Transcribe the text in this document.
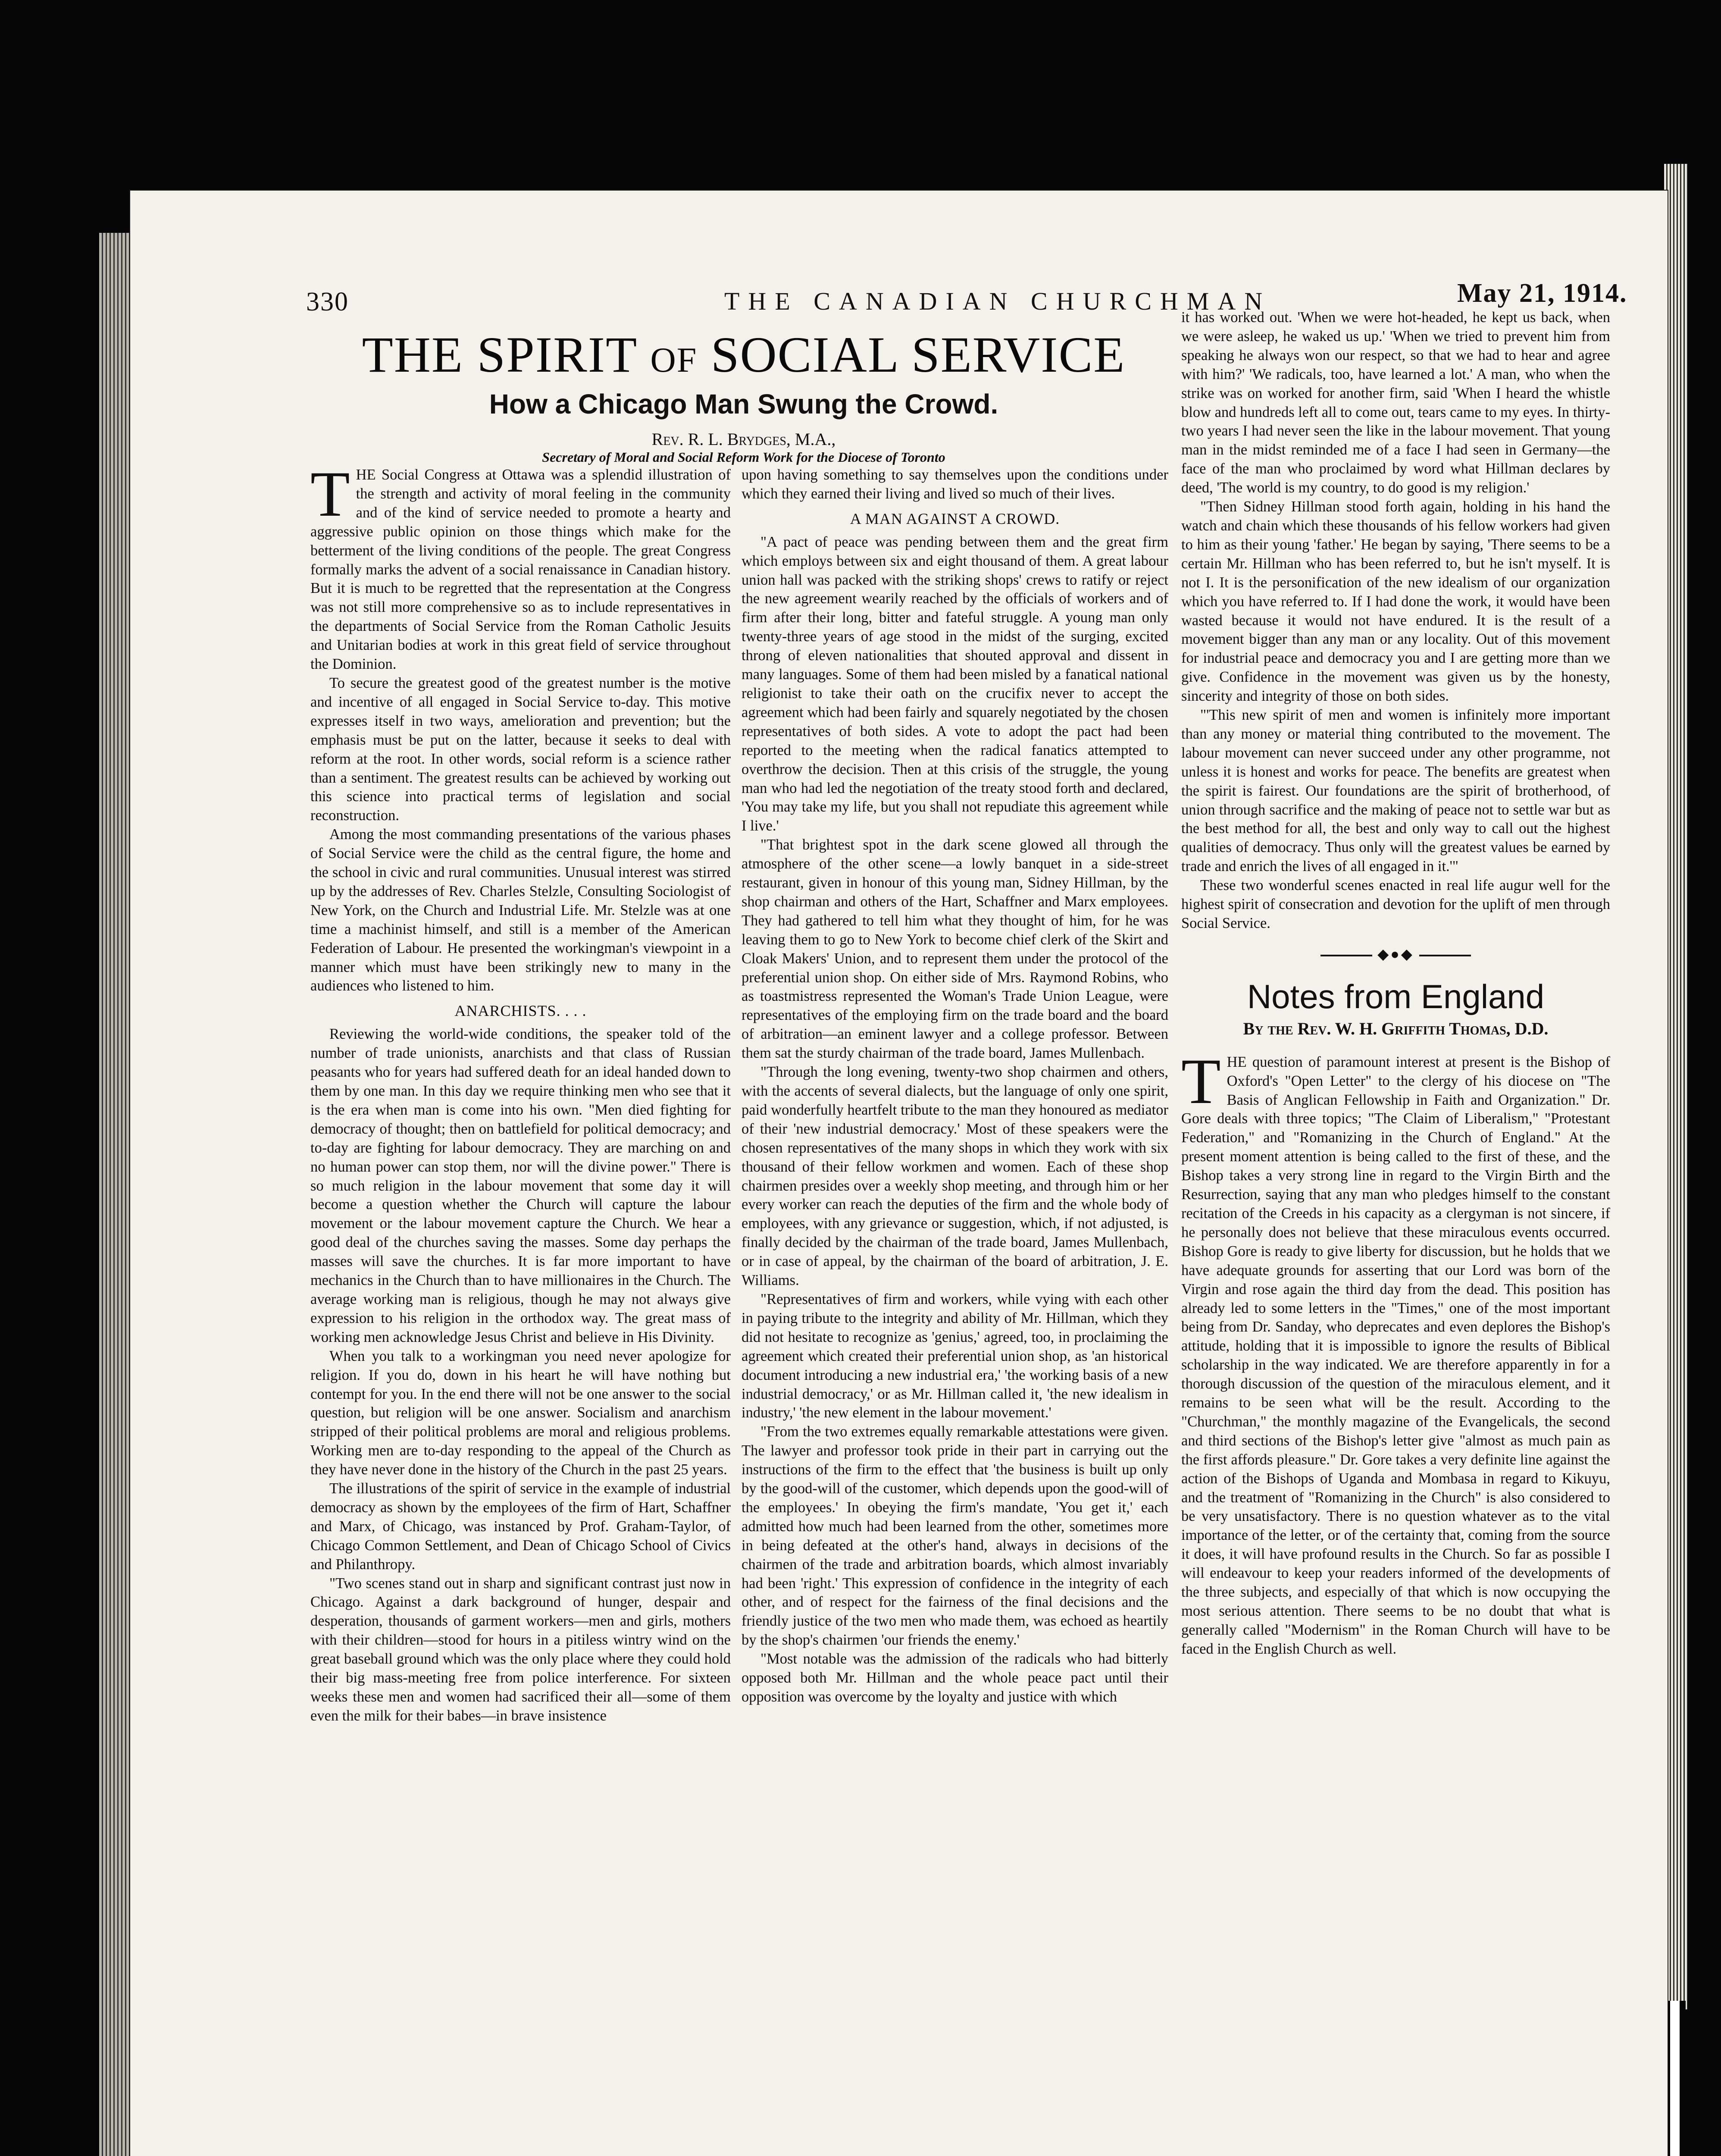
330	THE CANADIAN CHURCHMAN	May 21, 1914.
THE SPIRIT OF SOCIAL SERVICE
How a Chicago Man Swung the Crowd.
Rev. R. L. Brydges, M.A.,
Secretary of Moral and Social Reform Work for the Diocese of Toronto

THE Social Congress at Ottawa was a splendid illustration of the strength and activity of moral feeling in the community and of the kind of service needed to promote a hearty and aggressive public opinion on those things which make for the betterment of the living conditions of the people. The great Congress formally marks the advent of a social renaissance in Canadian history. But it is much to be regretted that the representation at the Congress was not still more comprehensive so as to include representatives in the departments of Social Service from the Roman Catholic Jesuits and Unitarian bodies at work in this great field of service throughout the Dominion.

To secure the greatest good of the greatest number is the motive and incentive of all engaged in Social Service to-day. This motive expresses itself in two ways, amelioration and prevention; but the emphasis must be put on the latter, because it seeks to deal with reform at the root. In other words, social reform is a science rather than a sentiment. The greatest results can be achieved by working out this science into practical terms of legislation and social reconstruction.

Among the most commanding presentations of the various phases of Social Service were the child as the central figure, the home and the school in civic and rural communities. Unusual interest was stirred up by the addresses of Rev. Charles Stelzle, Consulting Sociologist of New York, on the Church and Industrial Life. Mr. Stelzle was at one time a machinist himself, and still is a member of the American Federation of Labour. He presented the workingman's viewpoint in a manner which must have been strikingly new to many in the audiences who listened to him.

ANARCHISTS. . . .

Reviewing the world-wide conditions, the speaker told of the number of trade unionists, anarchists and that class of Russian peasants who for years had suffered death for an ideal handed down to them by one man. In this day we require thinking men who see that it is the era when man is come into his own. "Men died fighting for democracy of thought; then on battlefield for political democracy; and to-day are fighting for labour democracy. They are marching on and no human power can stop them, nor will the divine power." There is so much religion in the labour movement that some day it will become a question whether the Church will capture the labour movement or the labour movement capture the Church. We hear a good deal of the churches saving the masses. Some day perhaps the masses will save the churches. It is far more important to have mechanics in the Church than to have millionaires in the Church. The average working man is religious, though he may not always give expression to his religion in the orthodox way. The great mass of working men acknowledge Jesus Christ and believe in His Divinity.

When you talk to a workingman you need never apologize for religion. If you do, down in his heart he will have nothing but contempt for you. In the end there will not be one answer to the social question, but religion will be one answer. Socialism and anarchism stripped of their political problems are moral and religious problems. Working men are to-day responding to the appeal of the Church as they have never done in the history of the Church in the past 25 years.

The illustrations of the spirit of service in the example of industrial democracy as shown by the employees of the firm of Hart, Schaffner and Marx, of Chicago, was instanced by Prof. Graham-Taylor, of Chicago Common Settlement, and Dean of Chicago School of Civics and Philanthropy.

"Two scenes stand out in sharp and significant contrast just now in Chicago. Against a dark background of hunger, despair and desperation, thousands of garment workers—men and girls, mothers with their children—stood for hours in a pitiless wintry wind on the great baseball ground which was the only place where they could hold their big mass-meeting free from police interference. For sixteen weeks these men and women had sacrificed their all—some of them even the milk for their babes—in brave insistence

upon having something to say themselves upon the conditions under which they earned their living and lived so much of their lives.

A MAN AGAINST A CROWD.

"A pact of peace was pending between them and the great firm which employs between six and eight thousand of them. A great labour union hall was packed with the striking shops' crews to ratify or reject the new agreement wearily reached by the officials of workers and of firm after their long, bitter and fateful struggle. A young man only twenty-three years of age stood in the midst of the surging, excited throng of eleven nationalities that shouted approval and dissent in many languages. Some of them had been misled by a fanatical national religionist to take their oath on the crucifix never to accept the agreement which had been fairly and squarely negotiated by the chosen representatives of both sides. A vote to adopt the pact had been reported to the meeting when the radical fanatics attempted to overthrow the decision. Then at this crisis of the struggle, the young man who had led the negotiation of the treaty stood forth and declared, 'You may take my life, but you shall not repudiate this agreement while I live.'

"That brightest spot in the dark scene glowed all through the atmosphere of the other scene—a lowly banquet in a side-street restaurant, given in honour of this young man, Sidney Hillman, by the shop chairman and others of the Hart, Schaffner and Marx employees. They had gathered to tell him what they thought of him, for he was leaving them to go to New York to become chief clerk of the Skirt and Cloak Makers' Union, and to represent them under the protocol of the preferential union shop. On either side of Mrs. Raymond Robins, who as toastmistress represented the Woman's Trade Union League, were representatives of the employing firm on the trade board and the board of arbitration—an eminent lawyer and a college professor. Between them sat the sturdy chairman of the trade board, James Mullenbach.

"Through the long evening, twenty-two shop chairmen and others, with the accents of several dialects, but the language of only one spirit, paid wonderfully heartfelt tribute to the man they honoured as mediator of their 'new industrial democracy.' Most of these speakers were the chosen representatives of the many shops in which they work with six thousand of their fellow workmen and women. Each of these shop chairmen presides over a weekly shop meeting, and through him or her every worker can reach the deputies of the firm and the whole body of employees, with any grievance or suggestion, which, if not adjusted, is finally decided by the chairman of the trade board, James Mullenbach, or in case of appeal, by the chairman of the board of arbitration, J. E. Williams.

"Representatives of firm and workers, while vying with each other in paying tribute to the integrity and ability of Mr. Hillman, which they did not hesitate to recognize as 'genius,' agreed, too, in proclaiming the agreement which created their preferential union shop, as 'an historical document introducing a new industrial era,' 'the working basis of a new industrial democracy,' or as Mr. Hillman called it, 'the new idealism in industry,' 'the new element in the labour movement.'

"From the two extremes equally remarkable attestations were given. The lawyer and professor took pride in their part in carrying out the instructions of the firm to the effect that 'the business is built up only by the good-will of the customer, which depends upon the good-will of the employees.' In obeying the firm's mandate, 'You get it,' each admitted how much had been learned from the other, sometimes more in being defeated at the other's hand, always in decisions of the chairmen of the trade and arbitration boards, which almost invariably had been 'right.' This expression of confidence in the integrity of each other, and of respect for the fairness of the final decisions and the friendly justice of the two men who made them, was echoed as heartily by the shop's chairmen 'our friends the enemy.'

"Most notable was the admission of the radicals who had bitterly opposed both Mr. Hillman and the whole peace pact until their opposition was overcome by the loyalty and justice with which

it has worked out. 'When we were hot-headed, he kept us back, when we were asleep, he waked us up.' 'When we tried to prevent him from speaking he always won our respect, so that we had to hear and agree with him?' 'We radicals, too, have learned a lot.' A man, who when the strike was on worked for another firm, said 'When I heard the whistle blow and hundreds left all to come out, tears came to my eyes. In thirty-two years I had never seen the like in the labour movement. That young man in the midst reminded me of a face I had seen in Germany—the face of the man who proclaimed by word what Hillman declares by deed, 'The world is my country, to do good is my religion.'

"Then Sidney Hillman stood forth again, holding in his hand the watch and chain which these thousands of his fellow workers had given to him as their young 'father.' He began by saying, 'There seems to be a certain Mr. Hillman who has been referred to, but he isn't myself. It is not I. It is the personification of the new idealism of our organization which you have referred to. If I had done the work, it would have been wasted because it would not have endured. It is the result of a movement bigger than any man or any locality. Out of this movement for industrial peace and democracy you and I are getting more than we give. Confidence in the movement was given us by the honesty, sincerity and integrity of those on both sides.

"'This new spirit of men and women is infinitely more important than any money or material thing contributed to the movement. The labour movement can never succeed under any other programme, not unless it is honest and works for peace. The benefits are greatest when the spirit is fairest. Our foundations are the spirit of brotherhood, of union through sacrifice and the making of peace not to settle war but as the best method for all, the best and only way to call out the highest qualities of democracy. Thus only will the greatest values be earned by trade and enrich the lives of all engaged in it.'"

These two wonderful scenes enacted in real life augur well for the highest spirit of consecration and devotion for the uplift of men through Social Service.

◆●◆
Notes from England
By the Rev. W. H. Griffith Thomas, D.D.

THE question of paramount interest at present is the Bishop of Oxford's "Open Letter" to the clergy of his diocese on "The Basis of Anglican Fellowship in Faith and Organization." Dr. Gore deals with three topics; "The Claim of Liberalism," "Protestant Federation," and "Romanizing in the Church of England." At the present moment attention is being called to the first of these, and the Bishop takes a very strong line in regard to the Virgin Birth and the Resurrection, saying that any man who pledges himself to the constant recitation of the Creeds in his capacity as a clergyman is not sincere, if he personally does not believe that these miraculous events occurred. Bishop Gore is ready to give liberty for discussion, but he holds that we have adequate grounds for asserting that our Lord was born of the Virgin and rose again the third day from the dead. This position has already led to some letters in the "Times," one of the most important being from Dr. Sanday, who deprecates and even deplores the Bishop's attitude, holding that it is impossible to ignore the results of Biblical scholarship in the way indicated. We are therefore apparently in for a thorough discussion of the question of the miraculous element, and it remains to be seen what will be the result. According to the "Churchman," the monthly magazine of the Evangelicals, the second and third sections of the Bishop's letter give "almost as much pain as the first affords pleasure." Dr. Gore takes a very definite line against the action of the Bishops of Uganda and Mombasa in regard to Kikuyu, and the treatment of "Romanizing in the Church" is also considered to be very unsatisfactory. There is no question whatever as to the vital importance of the letter, or of the certainty that, coming from the source it does, it will have profound results in the Church. So far as possible I will endeavour to keep your readers informed of the developments of the three subjects, and especially of that which is now occupying the most serious attention. There seems to be no doubt that what is generally called "Modernism" in the Roman Church will have to be faced in the English Church as well.
